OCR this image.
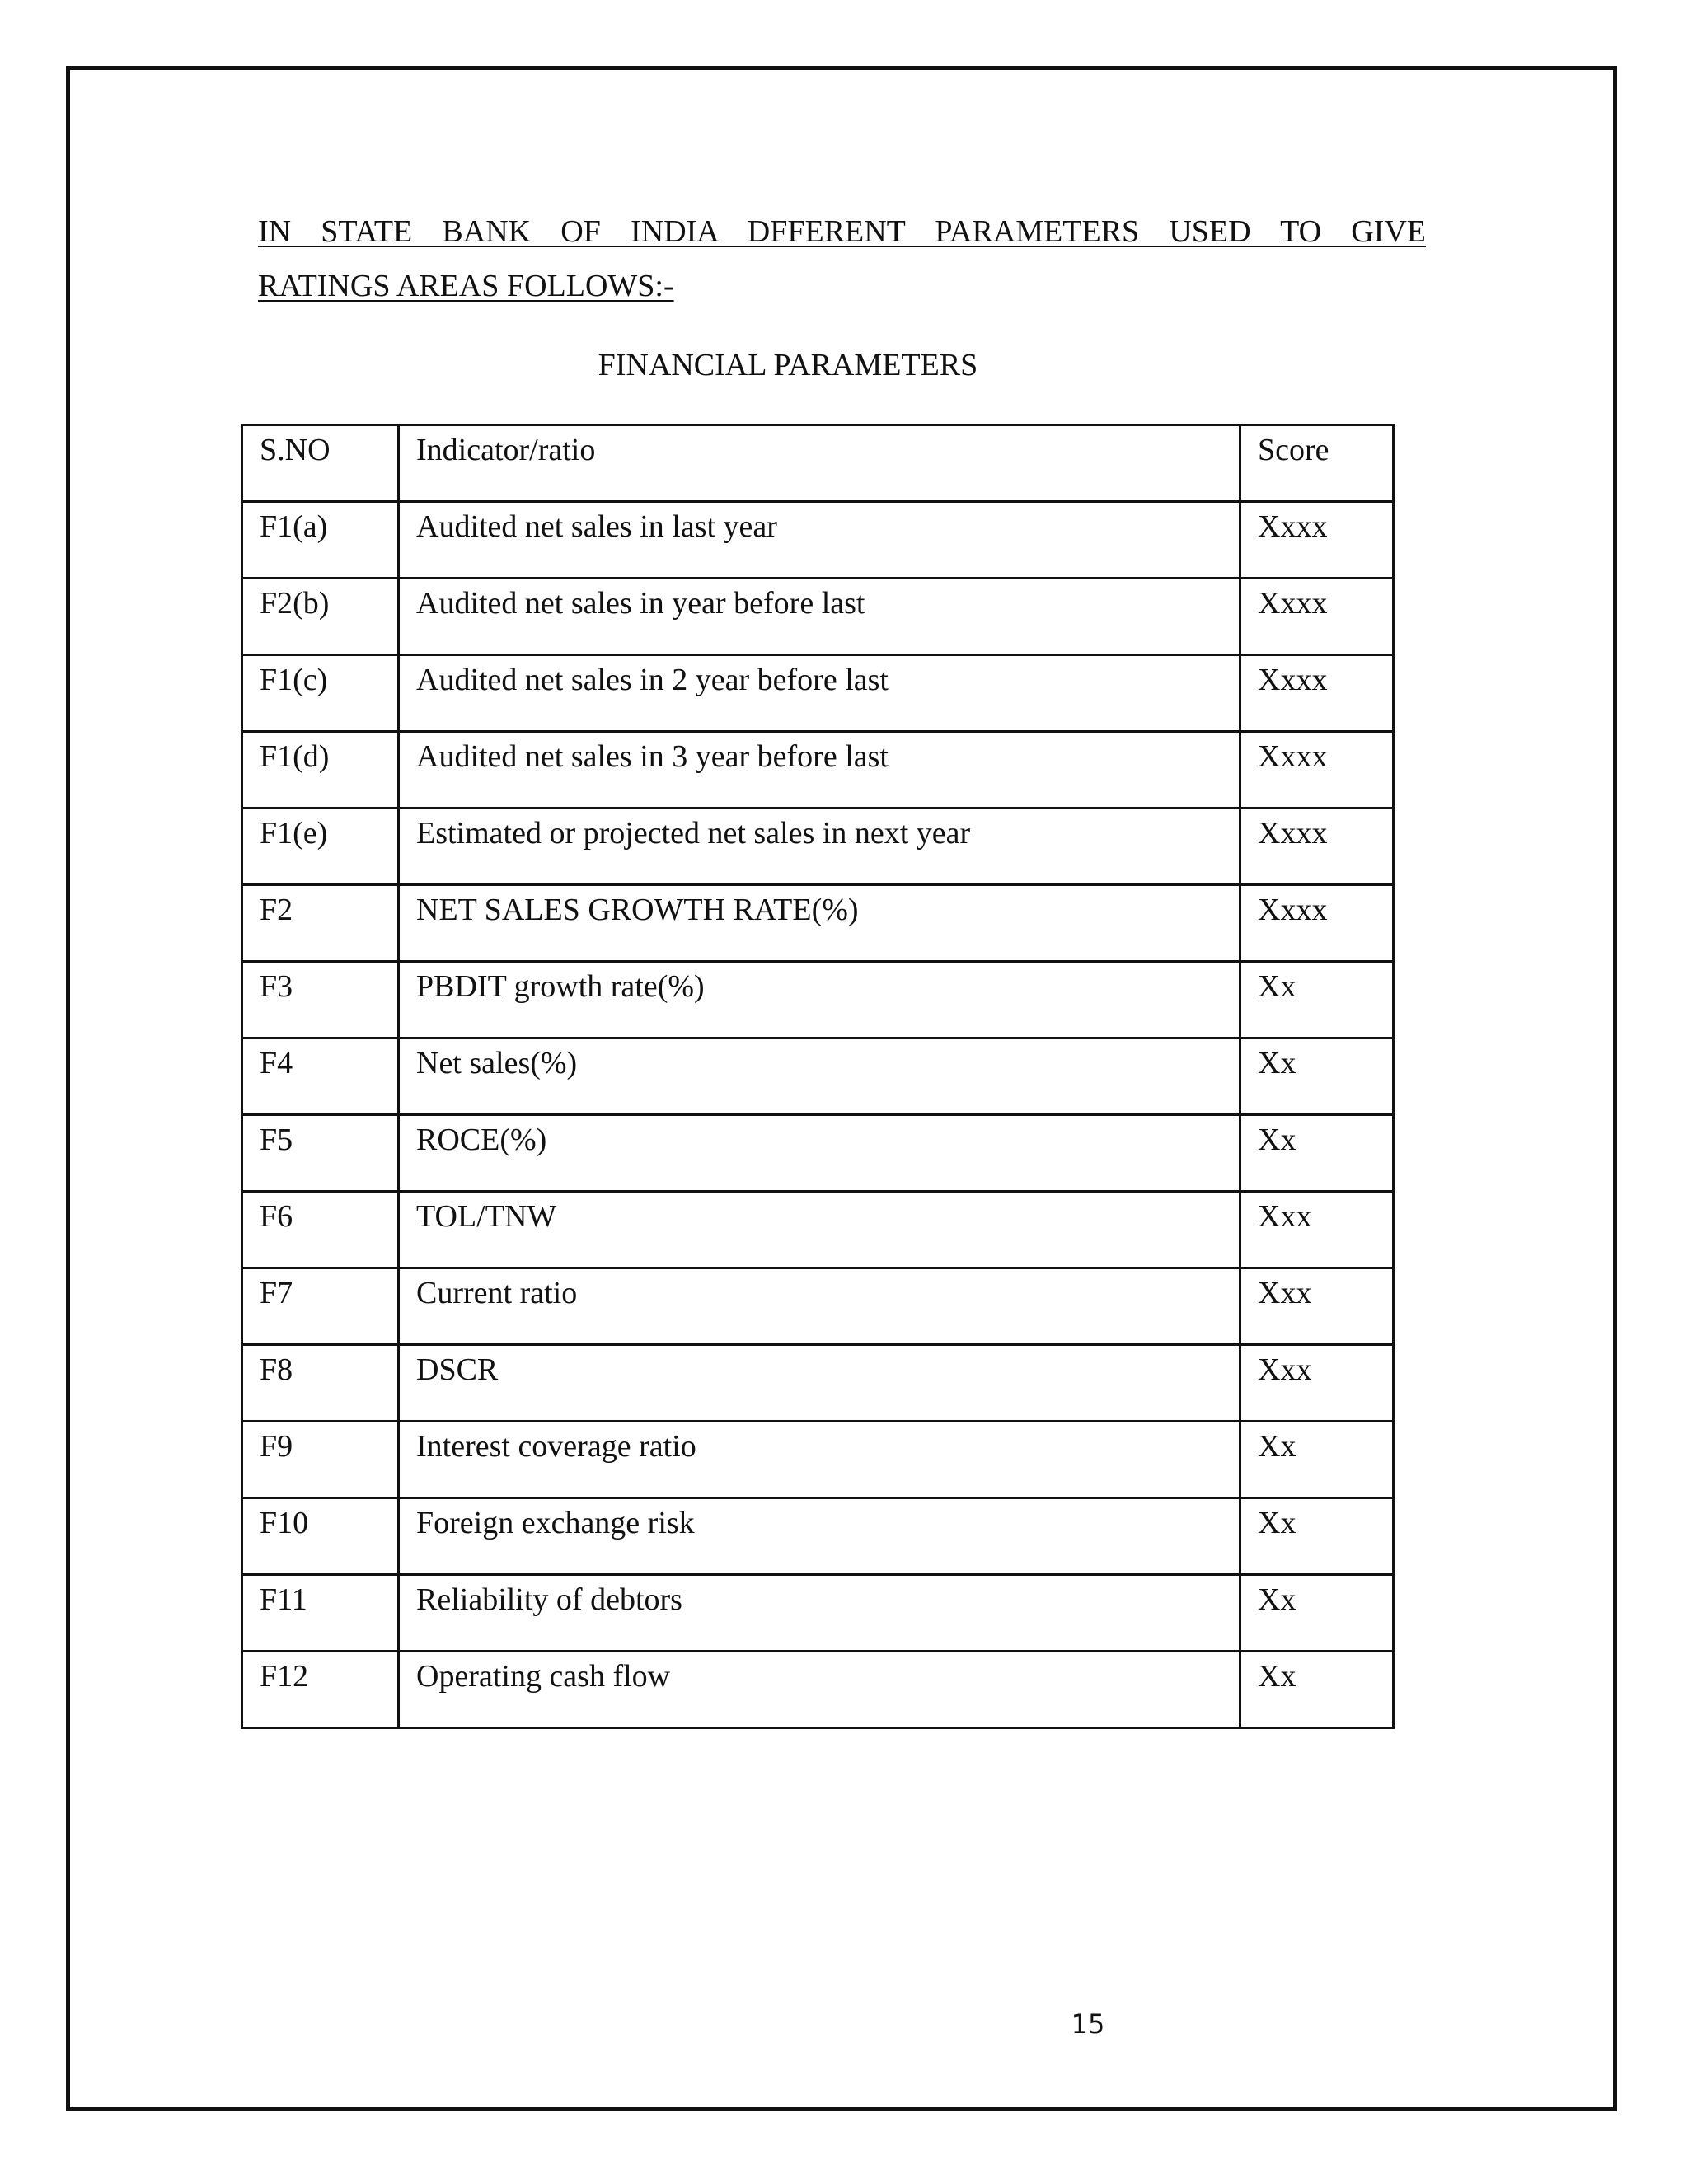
IN STATE BANK OF INDIA DFFERENT PARAMETERS USED TO GIVE
RATINGS AREAS FOLLOWS:-
FINANCIAL PARAMETERS
S.NO	Indicator/ratio	Score
F1(a)	Audited net sales in last year	Xxxx
F2(b)	Audited net sales in year before last	Xxxx
F1(c)	Audited net sales in 2 year before last	Xxxx
F1(d)	Audited net sales in 3 year before last	Xxxx
F1(e)	Estimated or projected net sales in next year	Xxxx
F2	NET SALES GROWTH RATE(%)	Xxxx
F3	PBDIT growth rate(%)	Xx
F4	Net sales(%)	Xx
F5	ROCE(%)	Xx
F6	TOL/TNW	Xxx
F7	Current ratio	Xxx
F8	DSCR	Xxx
F9	Interest coverage ratio	Xx
F10	Foreign exchange risk	Xx
F11	Reliability of debtors	Xx
F12	Operating cash flow	Xx
15
